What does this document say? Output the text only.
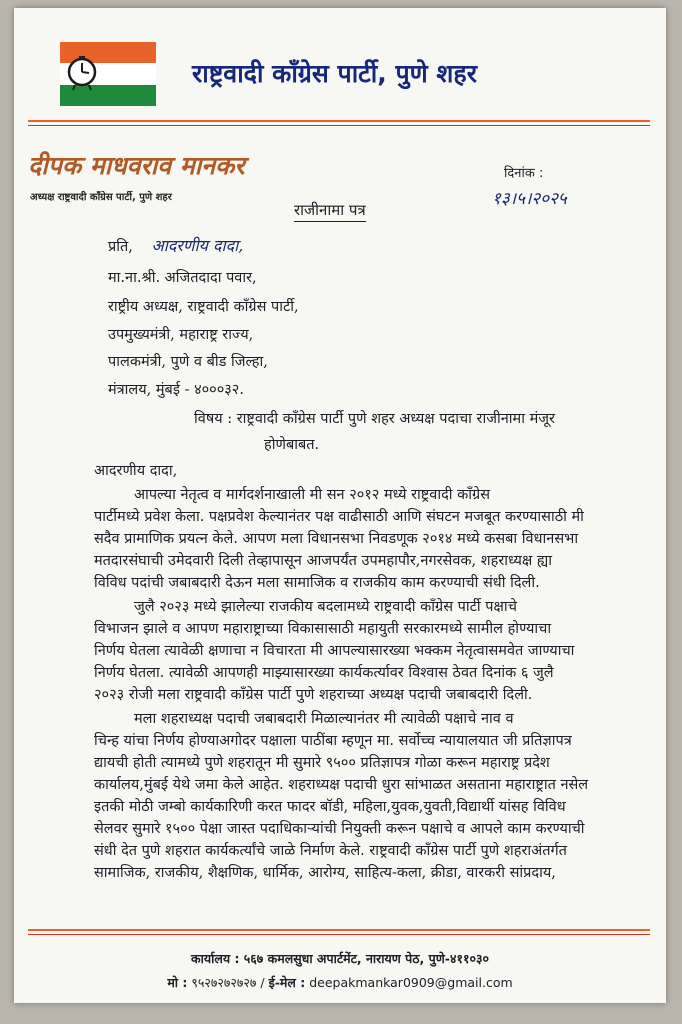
राष्ट्रवादी काँग्रेस पार्टी, पुणे शहर
दीपक माधवराव मानकर
अध्यक्ष राष्ट्रवादी काँग्रेस पार्टी, पुणे शहर
दिनांक :
१३।५।२०२५
राजीनामा पत्र
प्रति, आदरणीय दादा,
मा.ना.श्री. अजितदादा पवार,
राष्ट्रीय अध्यक्ष, राष्ट्रवादी काँग्रेस पार्टी,
उपमुख्यमंत्री, महाराष्ट्र राज्य,
पालकमंत्री, पुणे व बीड जिल्हा,
मंत्रालय, मुंबई - ४०००३२.
विषय : राष्ट्रवादी काँग्रेस पार्टी पुणे शहर अध्यक्ष पदाचा राजीनामा मंजूर
होणेबाबत.
आदरणीय दादा,
आपल्या नेतृत्व व मार्गदर्शनाखाली मी सन २०१२ मध्ये राष्ट्रवादी काँग्रेस
पार्टीमध्ये प्रवेश केला. पक्षप्रवेश केल्यानंतर पक्ष वाढीसाठी आणि संघटन मजबूत करण्यासाठी मी
सदैव प्रामाणिक प्रयत्न केले. आपण मला विधानसभा निवडणूक २०१४ मध्ये कसबा विधानसभा
मतदारसंघाची उमेदवारी दिली तेव्हापासून आजपर्यंत उपमहापौर,नगरसेवक, शहराध्यक्ष ह्या
विविध पदांची जबाबदारी देऊन मला सामाजिक व राजकीय काम करण्याची संधी दिली.
जुलै २०२३ मध्ये झालेल्या राजकीय बदलामध्ये राष्ट्रवादी काँग्रेस पार्टी पक्षाचे
विभाजन झाले व आपण महाराष्ट्राच्या विकासासाठी महायुती सरकारमध्ये सामील होण्याचा
निर्णय घेतला त्यावेळी क्षणाचा न विचारता मी आपल्यासारख्या भक्कम नेतृत्वासमवेत जाण्याचा
निर्णय घेतला. त्यावेळी आपणही माझ्यासारख्या कार्यकर्त्यावर विश्वास ठेवत दिनांक ६ जुलै
२०२३ रोजी मला राष्ट्रवादी काँग्रेस पार्टी पुणे शहराच्या अध्यक्ष पदाची जबाबदारी दिली.
मला शहराध्यक्ष पदाची जबाबदारी मिळाल्यानंतर मी त्यावेळी पक्षाचे नाव व
चिन्ह यांचा निर्णय होण्याअगोदर पक्षाला पाठींबा म्हणून मा. सर्वोच्च न्यायालयात जी प्रतिज्ञापत्र
द्यायची होती त्यामध्ये पुणे शहरातून मी सुमारे ९५०० प्रतिज्ञापत्र गोळा करून महाराष्ट्र प्रदेश
कार्यालय,मुंबई येथे जमा केले आहेत. शहराध्यक्ष पदाची धुरा सांभाळत असताना महाराष्ट्रात नसेल
इतकी मोठी जम्बो कार्यकारिणी करत फादर बॉडी, महिला,युवक,युवती,विद्यार्थी यांसह विविध
सेलवर सुमारे १५०० पेक्षा जास्त पदाधिकाऱ्यांची नियुक्ती करून पक्षाचे व आपले काम करण्याची
संधी देत पुणे शहरात कार्यकर्त्यांचे जाळे निर्माण केले. राष्ट्रवादी काँग्रेस पार्टी पुणे शहराअंतर्गत
सामाजिक, राजकीय, शैक्षणिक, धार्मिक, आरोग्य, साहित्य-कला, क्रीडा, वारकरी सांप्रदाय,
कार्यालय : ५६७ कमलसुधा अपार्टमेंट, नारायण पेठ, पुणे-४११०३०
मो : ९५२७२७२७२७ / ई-मेल : deepakmankar0909@gmail.com
